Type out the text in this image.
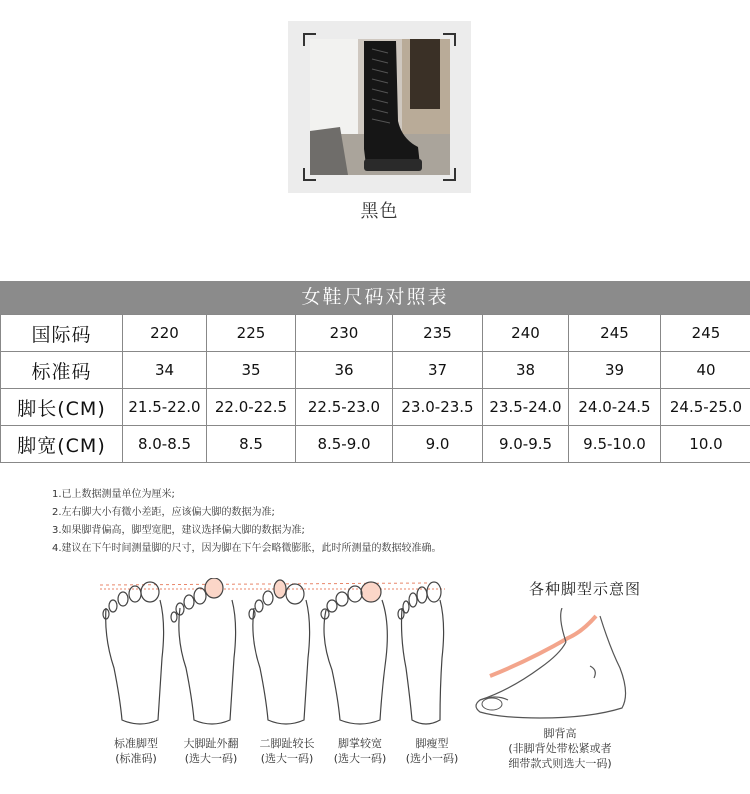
黑色
女鞋尺码对照表
国际码	220	225	230	235	240	245	245
标准码	34	35	36	37	38	39	40
脚长(CM)	21.5-22.0	22.0-22.5	22.5-23.0	23.0-23.5	23.5-24.0	24.0-24.5	24.5-25.0
脚宽(CM)	8.0-8.5	8.5	8.5-9.0	9.0	9.0-9.5	9.5-10.0	10.0
1.已上数据测量单位为厘米;
2.左右脚大小有微小差距，应该偏大脚的数据为准;
3.如果脚背偏高，脚型宽肥，建议选择偏大脚的数据为准;
4.建议在下午时间测量脚的尺寸，因为脚在下午会略微膨胀，此时所测量的数据较准确。
标准脚型
(标准码)
大脚趾外翻
(选大一码)
二脚趾较长
(选大一码)
脚掌较宽
(选大一码)
脚瘦型
(选小一码)
各种脚型示意图
脚背高
(非脚背处带松紧或者
细带款式则选大一码)
